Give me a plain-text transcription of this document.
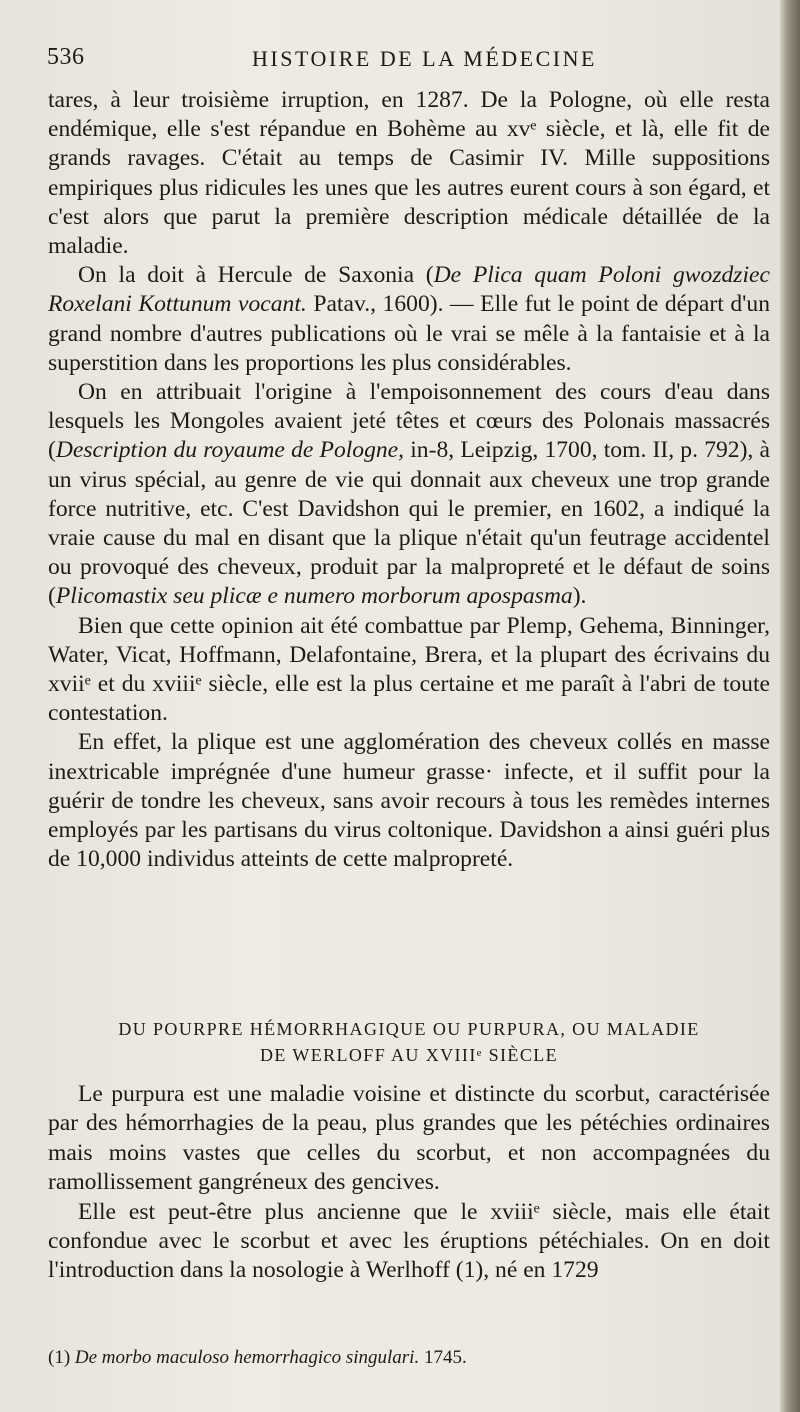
536	HISTOIRE DE LA MÉDECINE

tares, à leur troisième irruption, en 1287. De la Pologne, où elle resta endémique, elle s'est répandue en Bohème au xvᵉ siècle, et là, elle fit de grands ravages. C'était au temps de Casimir IV. Mille suppositions empiriques plus ridicules les unes que les autres eurent cours à son égard, et c'est alors que parut la première description médicale détaillée de la maladie.

On la doit à Hercule de Saxonia (De Plica quam Poloni gwozdziec Roxelani Kottunum vocant. Patav., 1600). — Elle fut le point de départ d'un grand nombre d'autres publications où le vrai se mêle à la fantaisie et à la superstition dans les proportions les plus considérables.

On en attribuait l'origine à l'empoisonnement des cours d'eau dans lesquels les Mongoles avaient jeté têtes et cœurs des Polonais massacrés (Description du royaume de Pologne, in-8, Leipzig, 1700, tom. II, p. 792), à un virus spécial, au genre de vie qui donnait aux cheveux une trop grande force nutritive, etc. C'est Davidshon qui le premier, en 1602, a indiqué la vraie cause du mal en disant que la plique n'était qu'un feutrage accidentel ou provoqué des cheveux, produit par la malpropreté et le défaut de soins (Plicomastix seu plicæ e numero morborum apospasma).

Bien que cette opinion ait été combattue par Plemp, Gehema, Binninger, Water, Vicat, Hoffmann, Delafontaine, Brera, et la plupart des écrivains du xviiᵉ et du xviiiᵉ siècle, elle est la plus certaine et me paraît à l'abri de toute contestation.

En effet, la plique est une agglomération des cheveux collés en masse inextricable imprégnée d'une humeur grasse· infecte, et il suffit pour la guérir de tondre les cheveux, sans avoir recours à tous les remèdes internes employés par les partisans du virus coltonique. Davidshon a ainsi guéri plus de 10,000 individus atteints de cette malpropreté.

DU POURPRE HÉMORRHAGIQUE OU PURPURA, OU MALADIE
DE WERLOFF AU XVIIIᵉ SIÈCLE

Le purpura est une maladie voisine et distincte du scorbut, caractérisée par des hémorrhagies de la peau, plus grandes que les pétéchies ordinaires mais moins vastes que celles du scorbut, et non accompagnées du ramollissement gangréneux des gencives.

Elle est peut-être plus ancienne que le xviiiᵉ siècle, mais elle était confondue avec le scorbut et avec les éruptions pétéchiales. On en doit l'introduction dans la nosologie à Werlhoff (1), né en 1729

(1) De morbo maculoso hemorrhagico singulari. 1745.
